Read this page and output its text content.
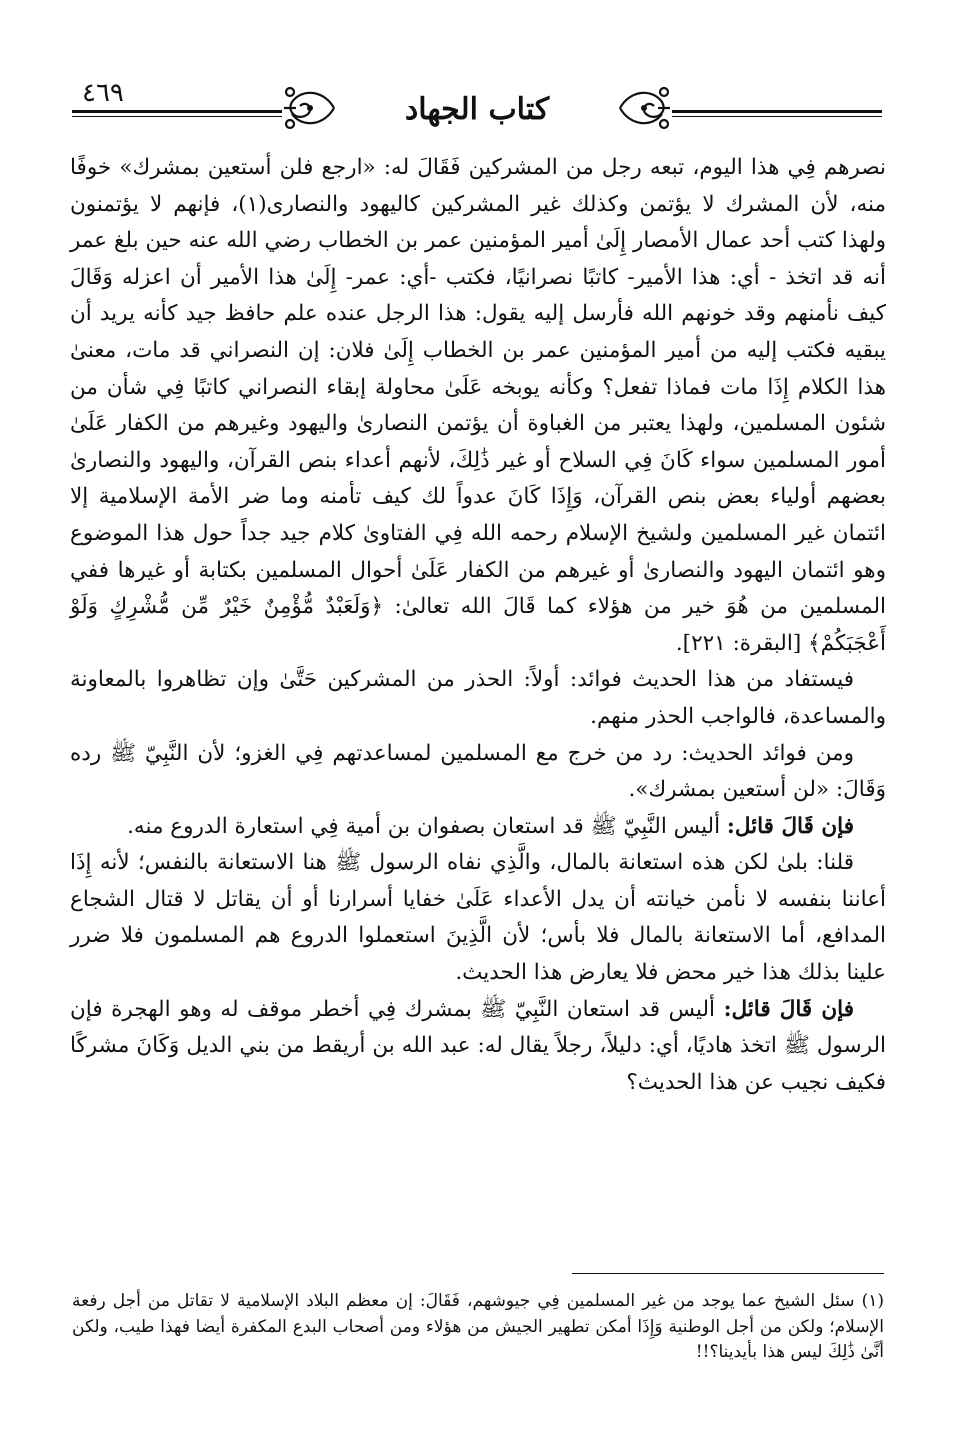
٤٦٩	كتاب الجهاد

نصرهم فِي هذا اليوم، تبعه رجل من المشركين فَقَالَ له: «ارجع فلن أستعين بمشرك» خوفًا منه، لأن المشرك لا يؤتمن وكذلك غير المشركين كاليهود والنصارى(١)، فإنهم لا يؤتمنون ولهذا كتب أحد عمال الأمصار إِلَىٰ أمير المؤمنين عمر بن الخطاب رضي الله عنه حين بلغ عمر أنه قد اتخذ - أي: هذا الأمير- كاتبًا نصرانيًا، فكتب -أي: عمر- إِلَىٰ هذا الأمير أن اعزله وَقَالَ كيف نأمنهم وقد خونهم الله فأرسل إليه يقول: هذا الرجل عنده علم حافظ جيد كأنه يريد أن يبقيه فكتب إليه من أمير المؤمنين عمر بن الخطاب إِلَىٰ فلان: إن النصراني قد مات، معنىٰ هذا الكلام إِذَا مات فماذا تفعل؟ وكأنه يوبخه عَلَىٰ محاولة إبقاء النصراني كاتبًا فِي شأن من شئون المسلمين، ولهذا يعتبر من الغباوة أن يؤتمن النصارىٰ واليهود وغيرهم من الكفار عَلَىٰ أمور المسلمين سواء كَانَ فِي السلاح أو غير ذَٰلِكَ، لأنهم أعداء بنص القرآن، واليهود والنصارىٰ بعضهم أولياء بعض بنص القرآن، وَإِذَا كَانَ عدواً لك كيف تأمنه وما ضر الأمة الإسلامية إلا ائتمان غير المسلمين ولشيخ الإسلام رحمه الله فِي الفتاوىٰ كلام جيد جداً حول هذا الموضوع وهو ائتمان اليهود والنصارىٰ أو غيرهم من الكفار عَلَىٰ أحوال المسلمين بكتابة أو غيرها ففي المسلمين من هُوَ خير من هؤلاء كما قَالَ الله تعالىٰ: ﴿وَلَعَبْدٌ مُّؤْمِنٌ خَيْرٌ مِّن مُّشْرِكٍ وَلَوْ أَعْجَبَكُمْ﴾ [البقرة: ٢٢١].

فيستفاد من هذا الحديث فوائد: أولاً: الحذر من المشركين حَتَّىٰ وإن تظاهروا بالمعاونة والمساعدة، فالواجب الحذر منهم.

ومن فوائد الحديث: رد من خرج مع المسلمين لمساعدتهم فِي الغزو؛ لأن النَّبِيّ ﷺ رده وَقَالَ: «لن أستعين بمشرك».

فإن قَالَ قائل: أليس النَّبِيّ ﷺ قد استعان بصفوان بن أمية فِي استعارة الدروع منه.

قلنا: بلىٰ لكن هذه استعانة بالمال، والَّذِي نفاه الرسول ﷺ هنا الاستعانة بالنفس؛ لأنه إِذَا أعاننا بنفسه لا نأمن خيانته أن يدل الأعداء عَلَىٰ خفايا أسرارنا أو أن يقاتل لا قتال الشجاع المدافع، أما الاستعانة بالمال فلا بأس؛ لأن الَّذِينَ استعملوا الدروع هم المسلمون فلا ضرر علينا بذلك هذا خير محض فلا يعارض هذا الحديث.

فإن قَالَ قائل: أليس قد استعان النَّبِيّ ﷺ بمشرك فِي أخطر موقف له وهو الهجرة فإن الرسول ﷺ اتخذ هاديًا، أي: دليلاً، رجلاً يقال له: عبد الله بن أريقط من بني الديل وَكَانَ مشركًا فكيف نجيب عن هذا الحديث؟

(١) سئل الشيخ عما يوجد من غير المسلمين فِي جيوشهم، فَقَالَ: إن معظم البلاد الإسلامية لا تقاتل من أجل رفعة الإسلام؛ ولكن من أجل الوطنية وَإِذَا أمكن تطهير الجيش من هؤلاء ومن أصحاب البدع المكفرة أيضا فهذا طيب، ولكن أنَّىٰ ذَٰلِكَ ليس هذا بأيدينا؟!!
